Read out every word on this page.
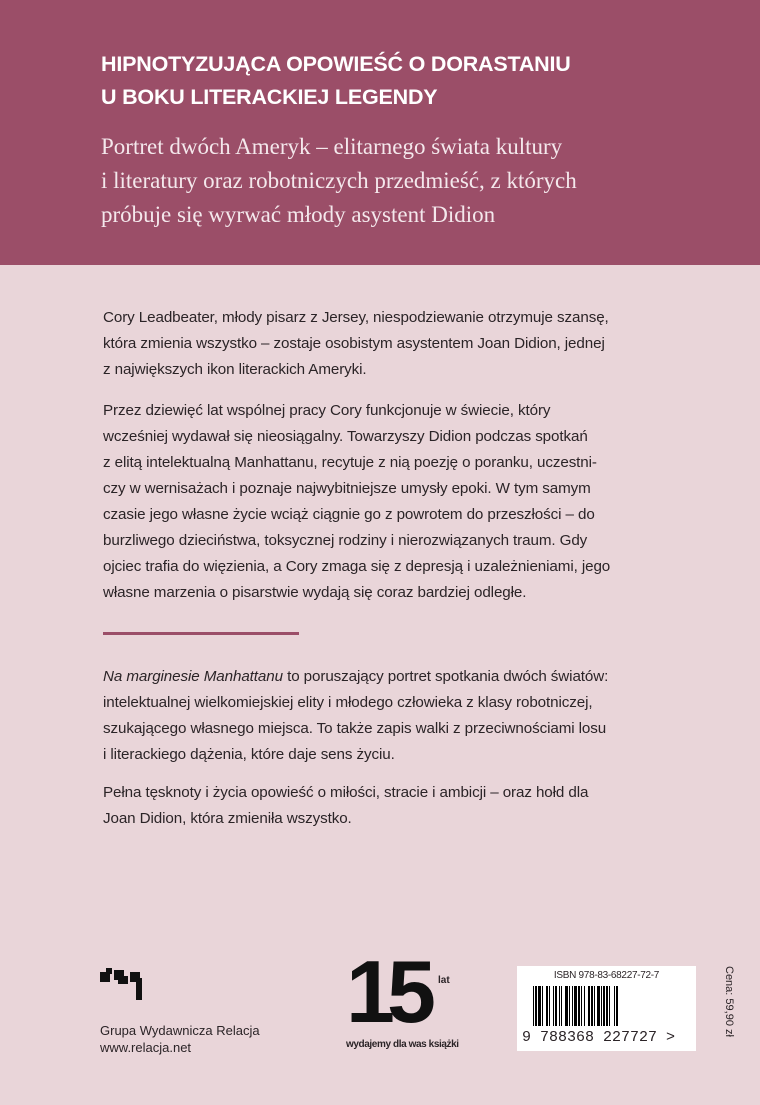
HIPNOTYZUJĄCA OPOWIEŚĆ O DORASTANIU
U BOKU LITERACKIEJ LEGENDY
Portret dwóch Ameryk – elitarnego świata kultury
i literatury oraz robotniczych przedmieść, z których
próbuje się wyrwać młody asystent Didion
Cory Leadbeater, młody pisarz z Jersey, niespodziewanie otrzymuje szansę,
która zmienia wszystko – zostaje osobistym asystentem Joan Didion, jednej
z największych ikon literackich Ameryki.
Przez dziewięć lat wspólnej pracy Cory funkcjonuje w świecie, który
wcześniej wydawał się nieosiągalny. Towarzyszy Didion podczas spotkań
z elitą intelektualną Manhattanu, recytuje z nią poezję o poranku, uczestni-
czy w wernisażach i poznaje najwybitniejsze umysły epoki. W tym samym
czasie jego własne życie wciąż ciągnie go z powrotem do przeszłości – do
burzliwego dzieciństwa, toksycznej rodziny i nierozwiązanych traum. Gdy
ojciec trafia do więzienia, a Cory zmaga się z depresją i uzależnieniami, jego
własne marzenia o pisarstwie wydają się coraz bardziej odległe.
Na marginesie Manhattanu to poruszający portret spotkania dwóch światów:
intelektualnej wielkomiejskiej elity i młodego człowieka z klasy robotniczej,
szukającego własnego miejsca. To także zapis walki z przeciwnościami losu
i literackiego dążenia, które daje sens życiu.
Pełna tęsknoty i życia opowieść o miłości, stracie i ambicji – oraz hołd dla
Joan Didion, która zmieniła wszystko.
Grupa Wydawnicza Relacja
www.relacja.net
15 lat
wydajemy dla was książki
ISBN 978-83-68227-72-7
9 788368 227727 >
Cena: 59,90 zł
